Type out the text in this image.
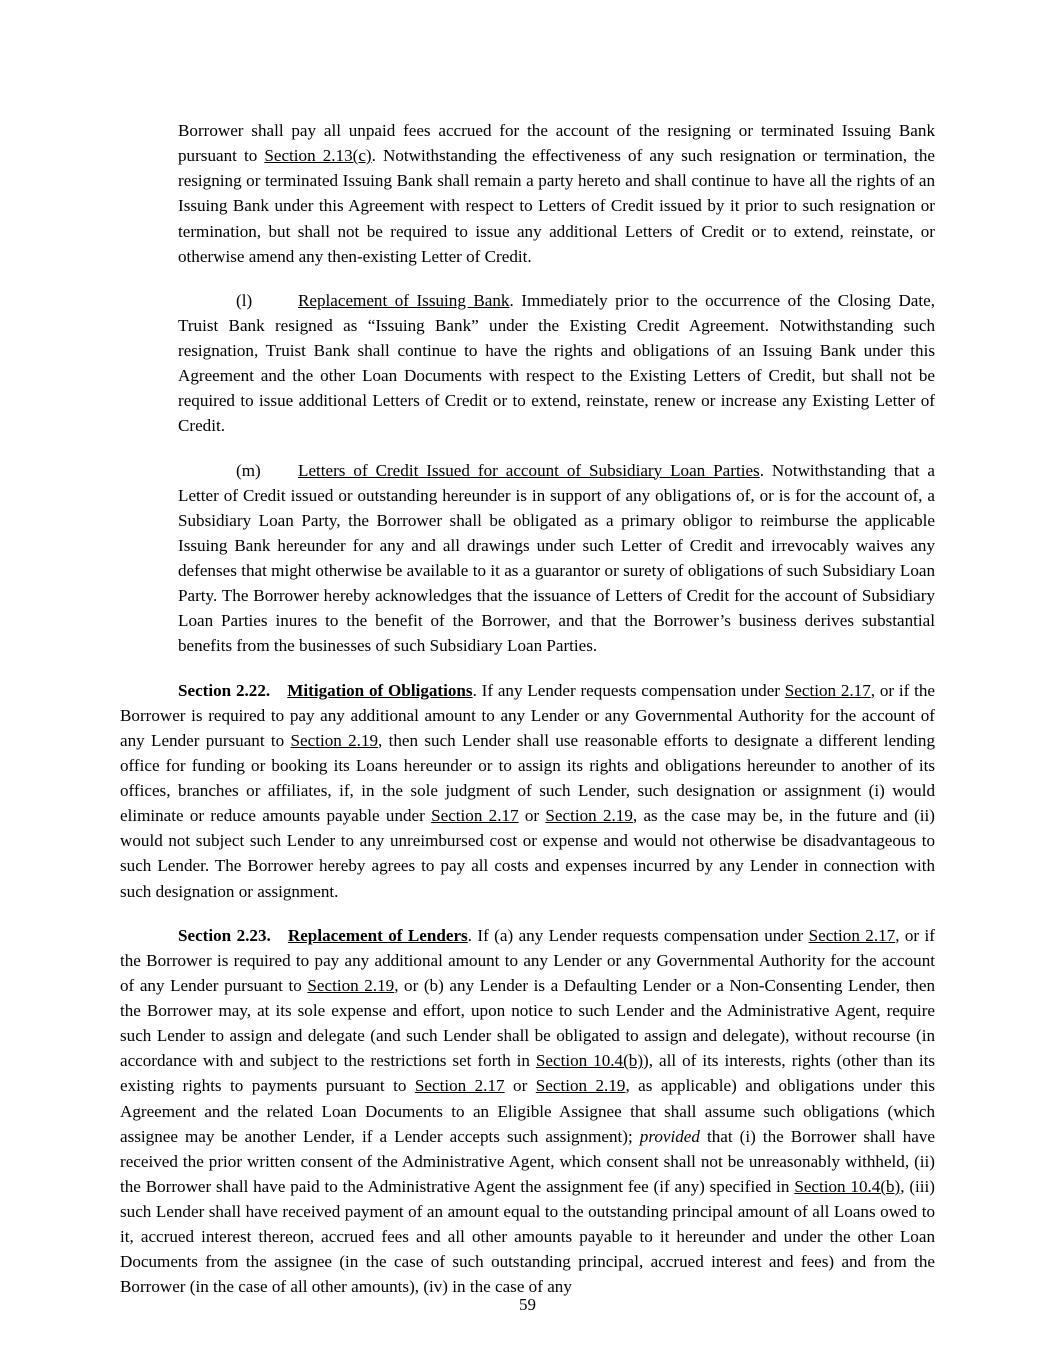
Borrower shall pay all unpaid fees accrued for the account of the resigning or terminated Issuing Bank pursuant to Section 2.13(c). Notwithstanding the effectiveness of any such resignation or termination, the resigning or terminated Issuing Bank shall remain a party hereto and shall continue to have all the rights of an Issuing Bank under this Agreement with respect to Letters of Credit issued by it prior to such resignation or termination, but shall not be required to issue any additional Letters of Credit or to extend, reinstate, or otherwise amend any then-existing Letter of Credit.

(l)	Replacement of Issuing Bank. Immediately prior to the occurrence of the Closing Date, Truist Bank resigned as “Issuing Bank” under the Existing Credit Agreement. Notwithstanding such resignation, Truist Bank shall continue to have the rights and obligations of an Issuing Bank under this Agreement and the other Loan Documents with respect to the Existing Letters of Credit, but shall not be required to issue additional Letters of Credit or to extend, reinstate, renew or increase any Existing Letter of Credit.

(m) Letters of Credit Issued for account of Subsidiary Loan Parties. Notwithstanding that a Letter of Credit issued or outstanding hereunder is in support of any obligations of, or is for the account of, a Subsidiary Loan Party, the Borrower shall be obligated as a primary obligor to reimburse the applicable Issuing Bank hereunder for any and all drawings under such Letter of Credit and irrevocably waives any defenses that might otherwise be available to it as a guarantor or surety of obligations of such Subsidiary Loan Party. The Borrower hereby acknowledges that the issuance of Letters of Credit for the account of Subsidiary Loan Parties inures to the benefit of the Borrower, and that the Borrower’s business derives substantial benefits from the businesses of such Subsidiary Loan Parties.

Section 2.22.  Mitigation of Obligations. If any Lender requests compensation under Section 2.17, or if the Borrower is required to pay any additional amount to any Lender or any Governmental Authority for the account of any Lender pursuant to Section 2.19, then such Lender shall use reasonable efforts to designate a different lending office for funding or booking its Loans hereunder or to assign its rights and obligations hereunder to another of its offices, branches or affiliates, if, in the sole judgment of such Lender, such designation or assignment (i) would eliminate or reduce amounts payable under Section 2.17 or Section 2.19, as the case may be, in the future and (ii) would not subject such Lender to any unreimbursed cost or expense and would not otherwise be disadvantageous to such Lender. The Borrower hereby agrees to pay all costs and expenses incurred by any Lender in connection with such designation or assignment.

Section 2.23.  Replacement of Lenders. If (a) any Lender requests compensation under Section 2.17, or if the Borrower is required to pay any additional amount to any Lender or any Governmental Authority for the account of any Lender pursuant to Section 2.19, or (b) any Lender is a Defaulting Lender or a Non-Consenting Lender, then the Borrower may, at its sole expense and effort, upon notice to such Lender and the Administrative Agent, require such Lender to assign and delegate (and such Lender shall be obligated to assign and delegate), without recourse (in accordance with and subject to the restrictions set forth in Section 10.4(b)), all of its interests, rights (other than its existing rights to payments pursuant to Section 2.17 or Section 2.19, as applicable) and obligations under this Agreement and the related Loan Documents to an Eligible Assignee that shall assume such obligations (which assignee may be another Lender, if a Lender accepts such assignment); provided that (i) the Borrower shall have received the prior written consent of the Administrative Agent, which consent shall not be unreasonably withheld, (ii) the Borrower shall have paid to the Administrative Agent the assignment fee (if any) specified in Section 10.4(b), (iii) such Lender shall have received payment of an amount equal to the outstanding principal amount of all Loans owed to it, accrued interest thereon, accrued fees and all other amounts payable to it hereunder and under the other Loan Documents from the assignee (in the case of such outstanding principal, accrued interest and fees) and from the Borrower (in the case of all other amounts), (iv) in the case of any

59
